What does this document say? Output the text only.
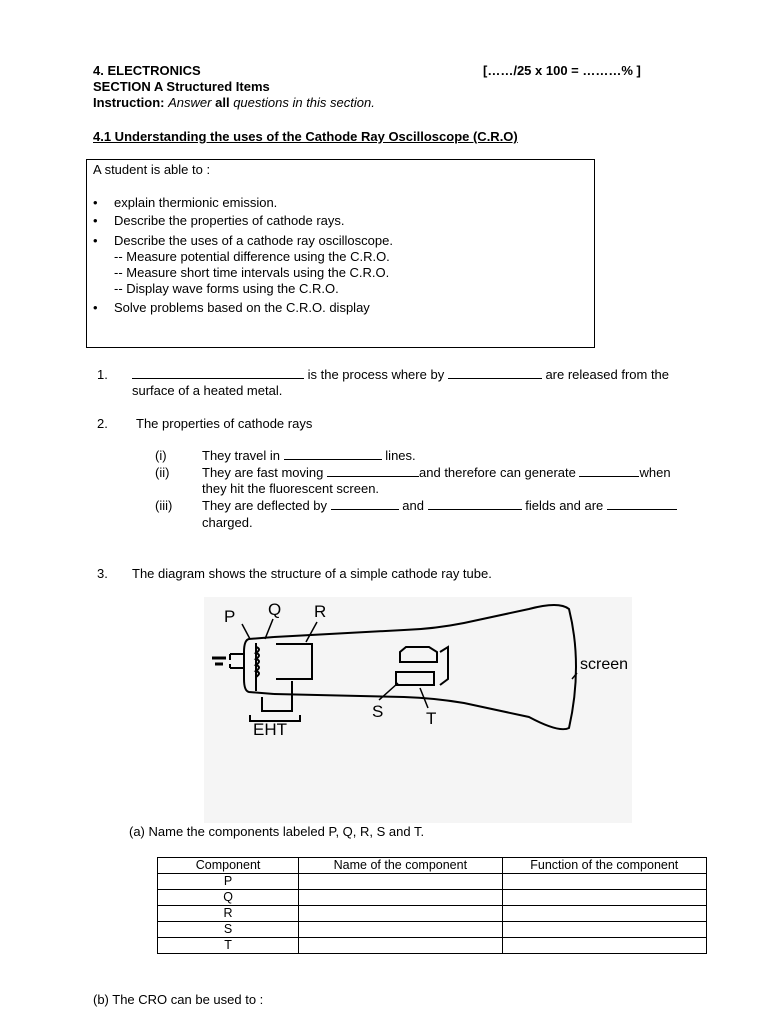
4. ELECTRONICS	[……/25 x 100 = ………% ]
SECTION A Structured Items
Instruction: Answer all questions in this section.
4.1 Understanding the uses of the Cathode Ray Oscilloscope (C.R.O)
A student is able to :
• explain thermionic emission.
• Describe the properties of cathode rays.
• Describe the uses of a cathode ray oscilloscope.
-- Measure potential difference using the C.R.O.
-- Measure short time intervals using the C.R.O.
-- Display wave forms using the C.R.O.
• Solve problems based on the C.R.O. display
1.	is the process where by	are released from the
surface of a heated metal.
2. The properties of cathode rays
(i)	They travel in	lines.
(ii)	They are fast moving	and therefore can generate	when
they hit the fluorescent screen.
(iii) They are deflected by	and	fields and are
charged.
3. The diagram shows the structure of a simple cathode ray tube.
P Q R
S	T
EHT
screen
(a) Name the components labeled P, Q, R, S and T.
Component	Name of the component	Function of the component
P		
Q		
R		
S		
T		
(b) The CRO can be used to :
